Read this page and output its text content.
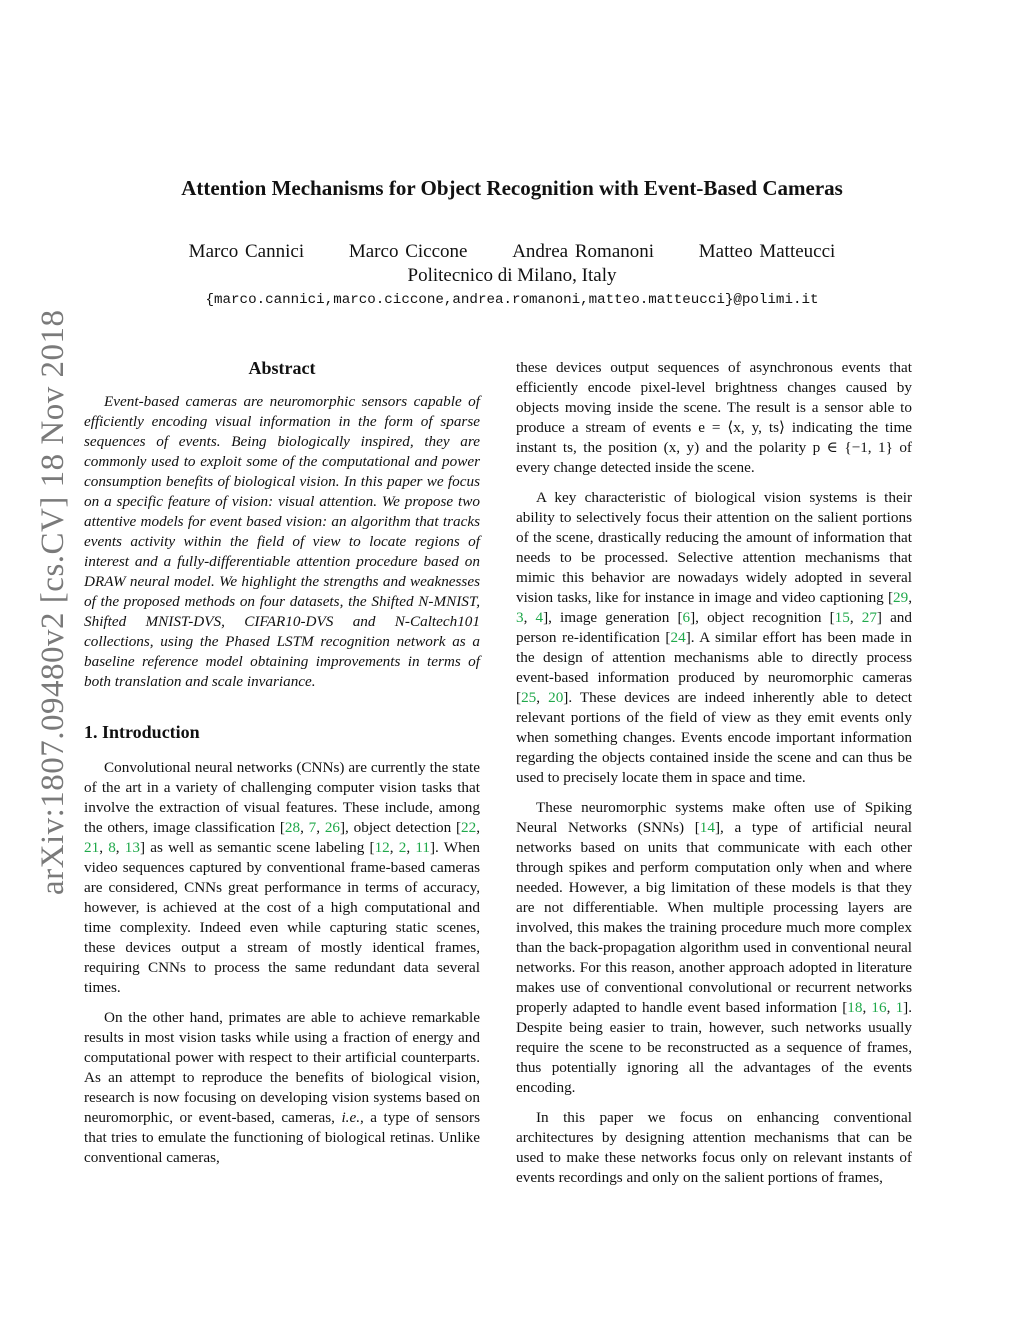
Attention Mechanisms for Object Recognition with Event-Based Cameras
Marco Cannici Marco Ciccone Andrea Romanoni Matteo Matteucci
Politecnico di Milano, Italy
{marco.cannici,marco.ciccone,andrea.romanoni,matteo.matteucci}@polimi.it
arXiv:1807.09480v2 [cs.CV] 18 Nov 2018	Abstract

Event-based cameras are neuromorphic sensors capable of efficiently encoding visual information in the form of sparse sequences of events. Being biologically inspired, they are commonly used to exploit some of the computational and power consumption benefits of biological vision. In this paper we focus on a specific feature of vision: visual attention. We propose two attentive models for event based vision: an algorithm that tracks events activity within the field of view to locate regions of interest and a fully-differentiable attention procedure based on DRAW neural model. We highlight the strengths and weaknesses of the proposed methods on four datasets, the Shifted N-MNIST, Shifted MNIST-DVS, CIFAR10-DVS and N-Caltech101 collections, using the Phased LSTM recognition network as a baseline reference model obtaining improvements in terms of both translation and scale invariance.

1. Introduction

Convolutional neural networks (CNNs) are currently the state of the art in a variety of challenging computer vision tasks that involve the extraction of visual features. These include, among the others, image classification [28, 7, 26], object detection [22, 21, 8, 13] as well as semantic scene labeling [12, 2, 11]. When video sequences captured by conventional frame-based cameras are considered, CNNs great performance in terms of accuracy, however, is achieved at the cost of a high computational and time complexity. Indeed even while capturing static scenes, these devices output a stream of mostly identical frames, requiring CNNs to process the same redundant data several times.

On the other hand, primates are able to achieve remarkable results in most vision tasks while using a fraction of energy and computational power with respect to their artificial counterparts. As an attempt to reproduce the benefits of biological vision, research is now focusing on developing vision systems based on neuromorphic, or event-based, cameras, i.e., a type of sensors that tries to emulate the functioning of biological retinas. Unlike conventional cameras,

these devices output sequences of asynchronous events that efficiently encode pixel-level brightness changes caused by objects moving inside the scene. The result is a sensor able to produce a stream of events e = ⟨x, y, ts⟩ indicating the time instant ts, the position (x, y) and the polarity p ∈ {−1, 1} of every change detected inside the scene.

A key characteristic of biological vision systems is their ability to selectively focus their attention on the salient portions of the scene, drastically reducing the amount of information that needs to be processed. Selective attention mechanisms that mimic this behavior are nowadays widely adopted in several vision tasks, like for instance in image and video captioning [29, 3, 4], image generation [6], object recognition [15, 27] and person re-identification [24]. A similar effort has been made in the design of attention mechanisms able to directly process event-based information produced by neuromorphic cameras [25, 20]. These devices are indeed inherently able to detect relevant portions of the field of view as they emit events only when something changes. Events encode important information regarding the objects contained inside the scene and can thus be used to precisely locate them in space and time.

These neuromorphic systems make often use of Spiking Neural Networks (SNNs) [14], a type of artificial neural networks based on units that communicate with each other through spikes and perform computation only when and where needed. However, a big limitation of these models is that they are not differentiable. When multiple processing layers are involved, this makes the training procedure much more complex than the back-propagation algorithm used in conventional neural networks. For this reason, another approach adopted in literature makes use of conventional convolutional or recurrent networks properly adapted to handle event based information [18, 16, 1]. Despite being easier to train, however, such networks usually require the scene to be reconstructed as a sequence of frames, thus potentially ignoring all the advantages of the events encoding.

In this paper we focus on enhancing conventional architectures by designing attention mechanisms that can be used to make these networks focus only on relevant instants of events recordings and only on the salient portions of frames,
